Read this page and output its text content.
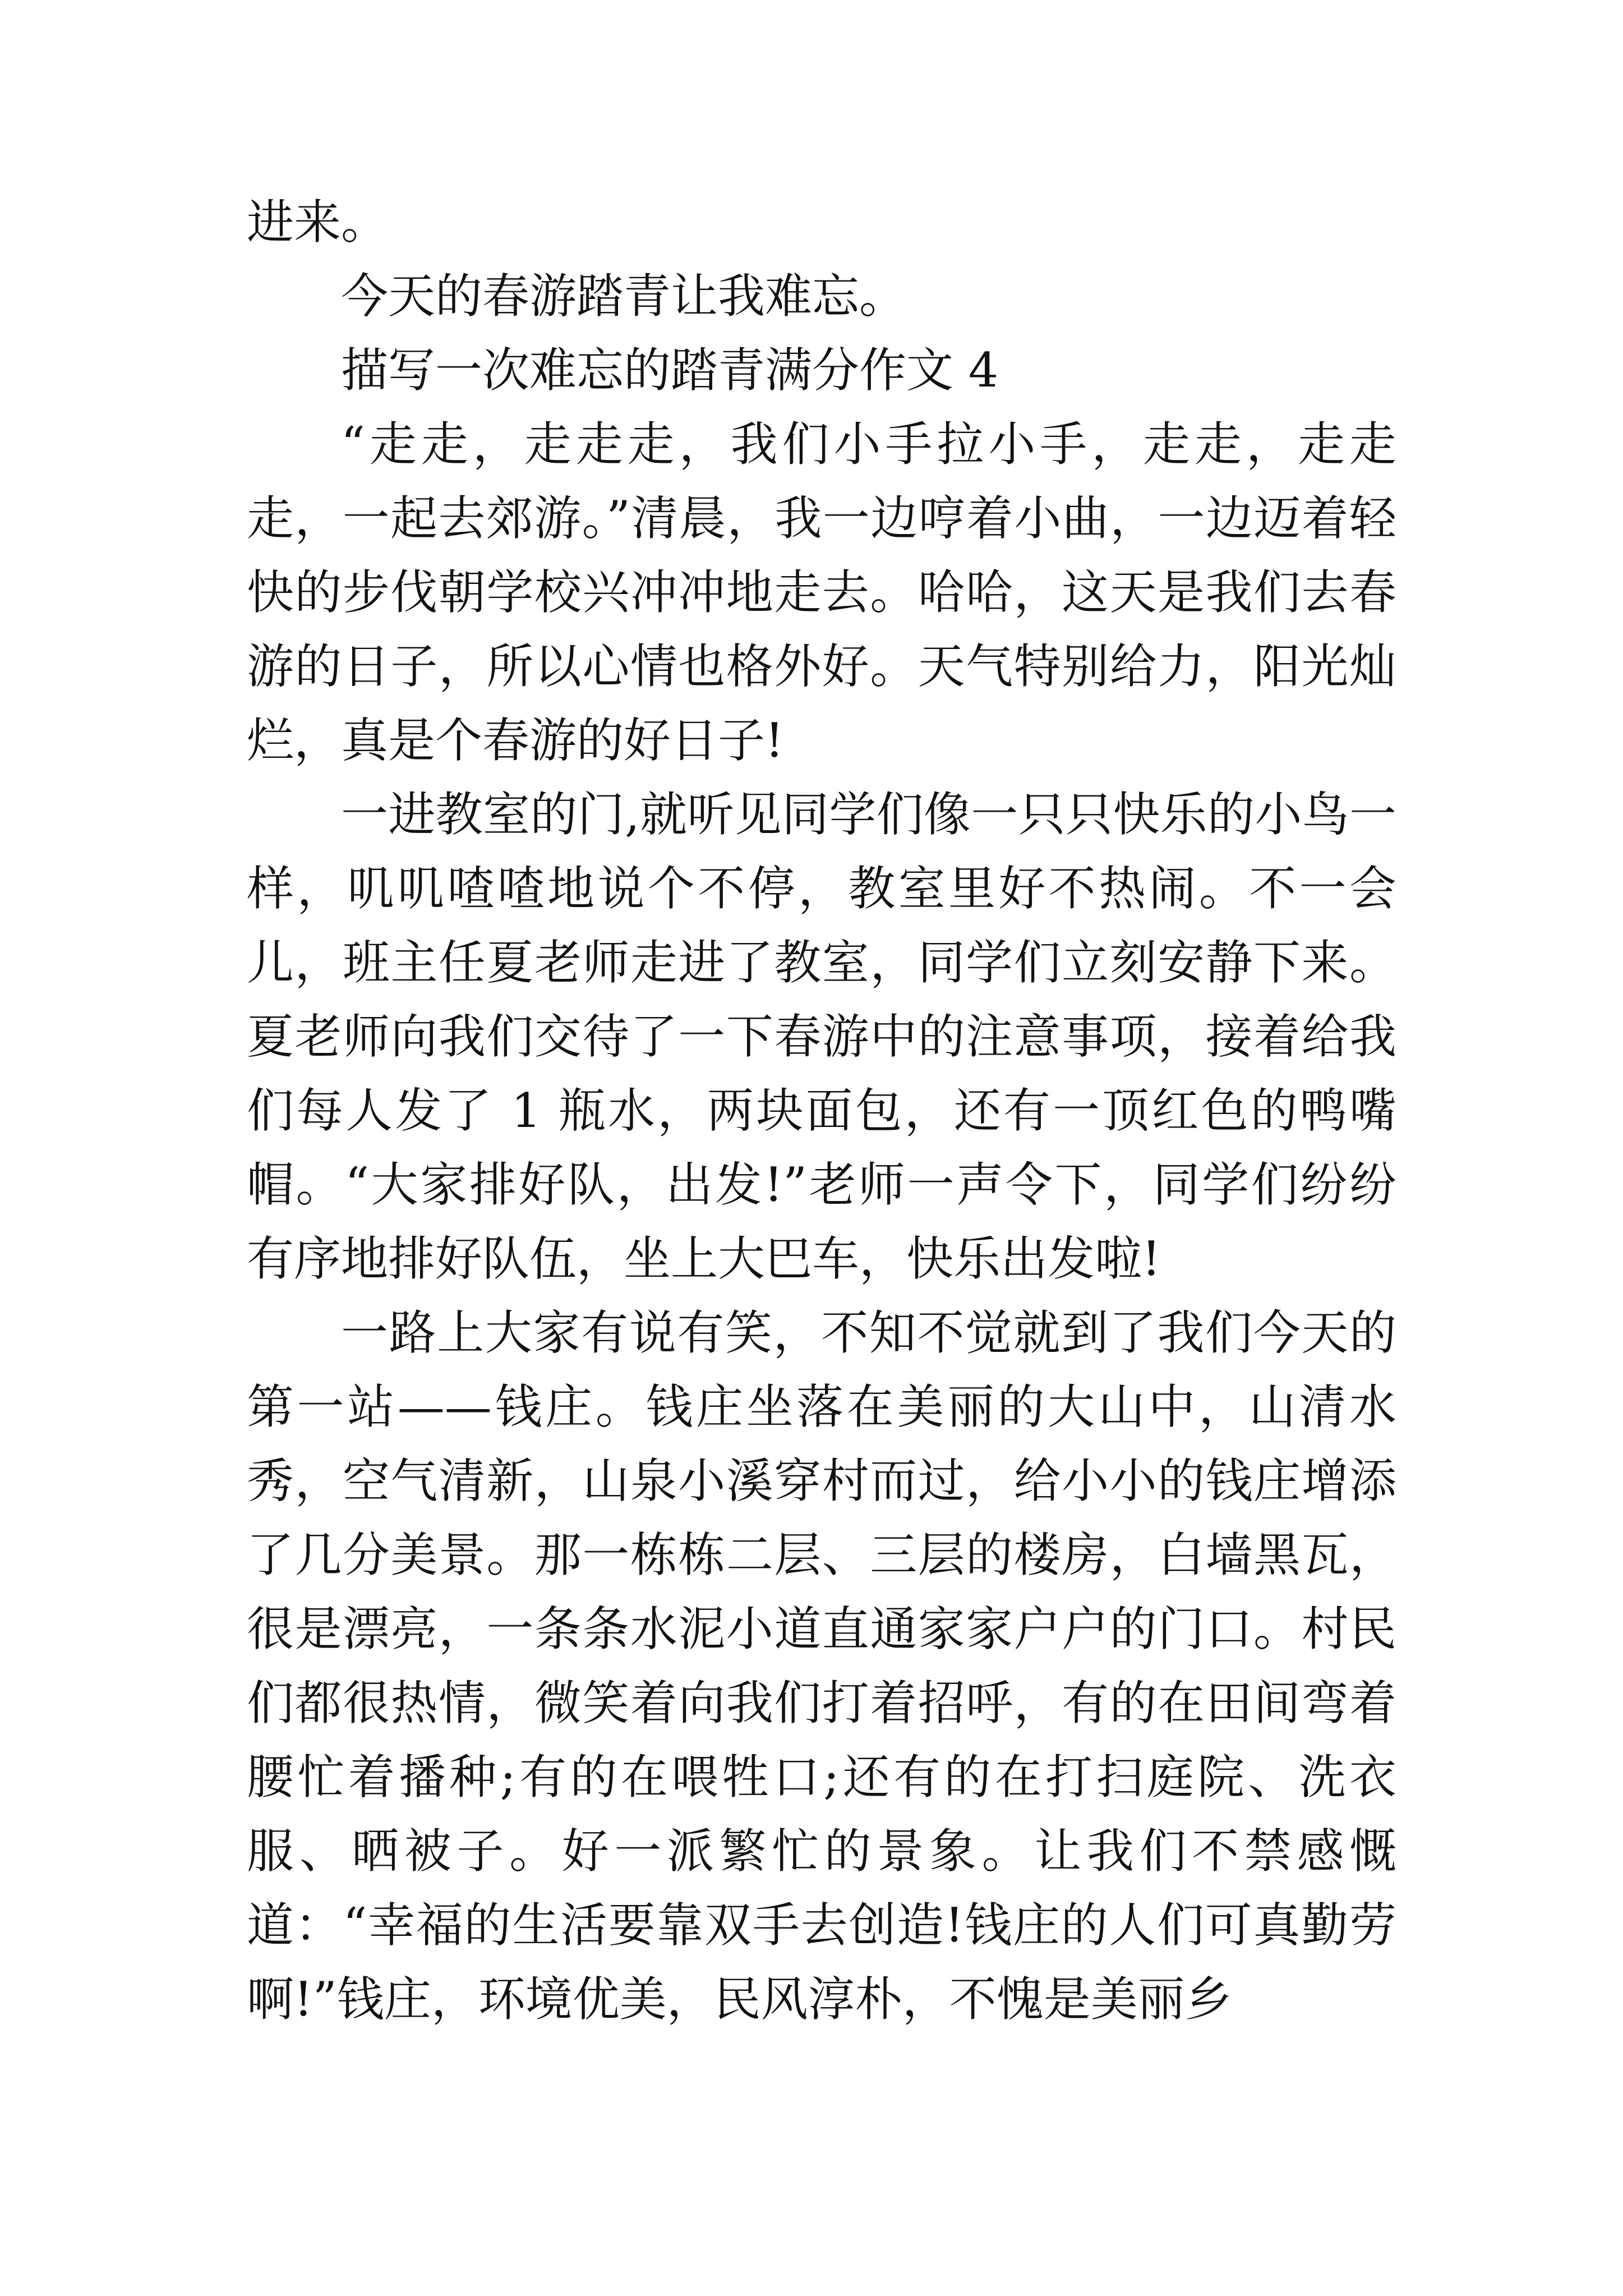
进来。

今天的春游踏青让我难忘。

描写一次难忘的踏青满分作文 4

“走走，走走走，我们小手拉小手，走走，走走走，一起去郊游。”清晨，我一边哼着小曲，一边迈着轻快的步伐朝学校兴冲冲地走去。哈哈，这天是我们去春游的日子，所以心情也格外好。天气特别给力，阳光灿烂，真是个春游的好日子!

一进教室的门,就听见同学们像一只只快乐的小鸟一样，叽叽喳喳地说个不停，教室里好不热闹。不一会儿，班主任夏老师走进了教室，同学们立刻安静下来。夏老师向我们交待了一下春游中的注意事项，接着给我们每人发了 1 瓶水，两块面包，还有一顶红色的鸭嘴帽。“大家排好队，出发!”老师一声令下，同学们纷纷有序地排好队伍，坐上大巴车，快乐出发啦!

一路上大家有说有笑，不知不觉就到了我们今天的第一站——钱庄。钱庄坐落在美丽的大山中，山清水秀，空气清新，山泉小溪穿村而过，给小小的钱庄增添了几分美景。那一栋栋二层、三层的楼房，白墙黑瓦，很是漂亮，一条条水泥小道直通家家户户的门口。村民们都很热情，微笑着向我们打着招呼，有的在田间弯着腰忙着播种;有的在喂牲口;还有的在打扫庭院、洗衣服、晒被子。好一派繁忙的景象。让我们不禁感慨道：“幸福的生活要靠双手去创造!钱庄的人们可真勤劳啊!”钱庄，环境优美，民风淳朴，不愧是美丽乡
